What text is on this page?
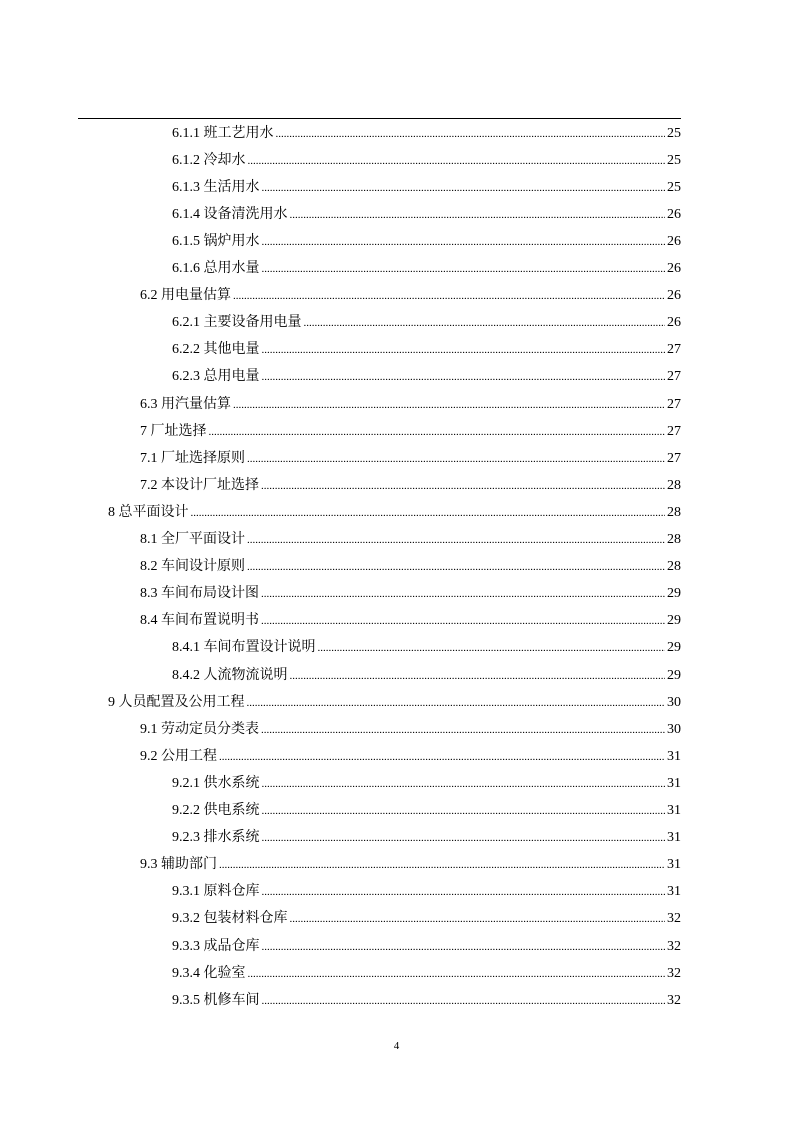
6.1.1 班工艺用水 .....	25
6.1.2 冷却水 .....	25
6.1.3 生活用水 .....	25
6.1.4 设备清洗用水 .....	26
6.1.5 锅炉用水 .....	26
6.1.6 总用水量 .....	26
6.2 用电量估算 .....	26
6.2.1 主要设备用电量 .....	26
6.2.2 其他电量 .....	27
6.2.3 总用电量 .....	27
6.3 用汽量估算 .....	27
7 厂址选择 .....	27
7.1 厂址选择原则 .....	27
7.2 本设计厂址选择 .....	28
8 总平面设计 .....	28
8.1 全厂平面设计 .....	28
8.2 车间设计原则 .....	28
8.3 车间布局设计图 .....	29
8.4 车间布置说明书 .....	29
8.4.1 车间布置设计说明 .....	29
8.4.2 人流物流说明 .....	29
9 人员配置及公用工程 .....	30
9.1 劳动定员分类表 .....	30
9.2 公用工程 .....	31
9.2.1 供水系统 .....	31
9.2.2 供电系统 .....	31
9.2.3 排水系统 .....	31
9.3 辅助部门 .....	31
9.3.1 原料仓库 .....	31
9.3.2 包装材料仓库 .....	32
9.3.3 成品仓库 .....	32
9.3.4 化验室 .....	32
9.3.5 机修车间 .....	32
4
